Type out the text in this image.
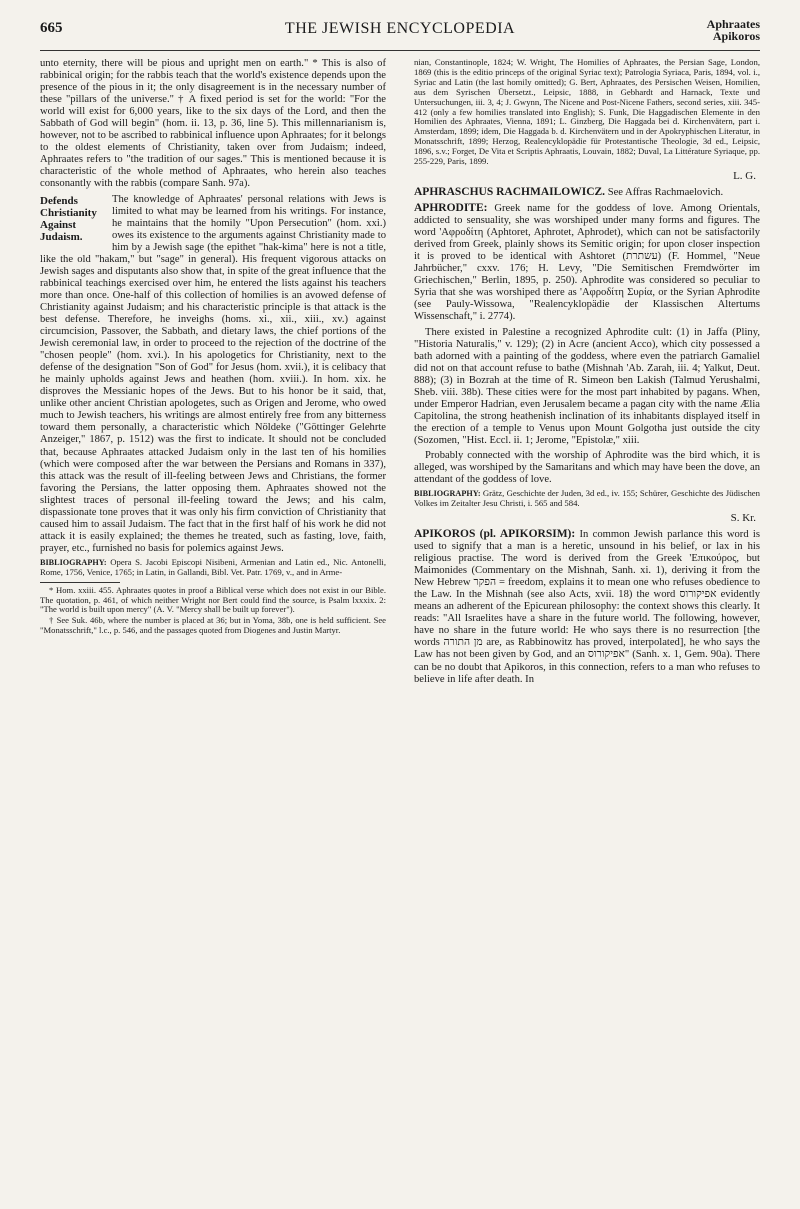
665	THE JEWISH ENCYCLOPEDIA	Aphraates
Apikoros

unto eternity, there will be pious and upright men on earth." * This is also of rabbinical origin; for the rabbis teach that the world's existence depends upon the presence of the pious in it; the only disagreement is in the necessary number of these "pillars of the universe." † A fixed period is set for the world: "For the world will exist for 6,000 years, like to the six days of the Lord, and then the Sabbath of God will begin" (hom. ii. 13, p. 36, line 5). This millennarianism is, however, not to be ascribed to rabbinical influence upon Aphraates; for it belongs to the oldest elements of Christianity, taken over from Judaism; indeed, Aphraates refers to "the tradition of our sages." This is mentioned because it is characteristic of the whole method of Aphraates, who herein also teaches consonantly with the rabbis (compare Sanh. 97a).

Defends Christianity Against Judaism.

The knowledge of Aphraates' personal relations with Jews is limited to what may be learned from his writings. For instance, he maintains that the homily "Upon Persecution" (hom. xxi.) owes its existence to the arguments against Christianity made to him by a Jewish sage (the epithet "hak-kima" here is not a title, like the old "hakam," but "sage" in general). His frequent vigorous attacks on Jewish sages and disputants also show that, in spite of the great influence that the rabbinical teachings exercised over him, he entered the lists against his teachers more than once. One-half of this collection of homilies is an avowed defense of Christianity against Judaism; and his characteristic principle is that attack is the best defense. Therefore, he inveighs (homs. xi., xii., xiii., xv.) against circumcision, Passover, the Sabbath, and dietary laws, the chief portions of the Jewish ceremonial law, in order to proceed to the rejection of the doctrine of the "chosen people" (hom. xvi.). In his apologetics for Christianity, next to the defense of the designation "Son of God" for Jesus (hom. xvii.), it is celibacy that he mainly upholds against Jews and heathen (hom. xviii.). In hom. xix. he disproves the Messianic hopes of the Jews. But to his honor be it said, that, unlike other ancient Christian apologetes, such as Origen and Jerome, who owed much to Jewish teachers, his writings are almost entirely free from any bitterness toward them personally, a characteristic which Nöldeke ("Göttinger Gelehrte Anzeiger," 1867, p. 1512) was the first to indicate. It should not be concluded that, because Aphraates attacked Judaism only in the last ten of his homilies (which were composed after the war between the Persians and Romans in 337), this attack was the result of ill-feeling between Jews and Christians, the former favoring the Persians, the latter opposing them. Aphraates showed not the slightest traces of personal ill-feeling toward the Jews; and his calm, dispassionate tone proves that it was only his firm conviction of Christianity that caused him to assail Judaism. The fact that in the first half of his work he did not attack it is easily explained; the themes he treated, such as fasting, love, faith, prayer, etc., furnished no basis for polemics against Jews.

BIBLIOGRAPHY: Opera S. Jacobi Episcopi Nisibeni, Armenian and Latin ed., Nic. Antonelli, Rome, 1756, Venice, 1765; in Latin, in Gallandi, Bibl. Vet. Patr. 1769, v., and in Arme-

* Hom. xxiii. 455. Aphraates quotes in proof a Biblical verse which does not exist in our Bible. The quotation, p. 461, of which neither Wright nor Bert could find the source, is Psalm lxxxix. 2: "The world is built upon mercy" (A. V. "Mercy shall be built up forever").

† See Suk. 46b, where the number is placed at 36; but in Yoma, 38b, one is held sufficient. See "Monatsschrift," l.c., p. 546, and the passages quoted from Diogenes and Justin Martyr.

nian, Constantinople, 1824; W. Wright, The Homilies of Aphraates, the Persian Sage, London, 1869 (this is the editio princeps of the original Syriac text); Patrologia Syriaca, Paris, 1894, vol. i., Syriac and Latin (the last homily omitted); G. Bert, Aphraates, des Persischen Weisen, Homilien, aus dem Syrischen Übersetzt., Leipsic, 1888, in Gebhardt and Harnack, Texte und Untersuchungen, iii. 3, 4; J. Gwynn, The Nicene and Post-Nicene Fathers, second series, xiii. 345-412 (only a few homilies translated into English); S. Funk, Die Haggadischen Elemente in den Homilien des Aphraates, Vienna, 1891; L. Ginzberg, Die Haggada bei d. Kirchenvätern, part i. Amsterdam, 1899; idem, Die Haggada b. d. Kirchenvätern und in der Apokryphischen Literatur, in Monatsschrift, 1899; Herzog, Realencyklopädie für Protestantische Theologie, 3d ed., Leipsic, 1896, s.v.; Forget, De Vita et Scriptis Aphraatis, Louvain, 1882; Duval, La Littérature Syriaque, pp. 255-229, Paris, 1899.

L. G.

APHRASCHUS RACHMAILOWICZ. See Affras Rachmaelovich.

APHRODITE: Greek name for the goddess of love. Among Orientals, addicted to sensuality, she was worshiped under many forms and figures. The word 'Αφροδίτη (Aphtoret, Aphrotet, Aphrodet), which can not be satisfactorily derived from Greek, plainly shows its Semitic origin; for upon closer inspection it is proved to be identical with Ashtoret (עשתרת) (F. Hommel, "Neue Jahrbücher," cxxv. 176; H. Levy, "Die Semitischen Fremdwörter im Griechischen," Berlin, 1895, p. 250). Aphrodite was considered so peculiar to Syria that she was worshiped there as 'Αφροδίτη Συρία, or the Syrian Aphrodite (see Pauly-Wissowa, "Realencyklopädie der Klassischen Altertums Wissenschaft," i. 2774).

There existed in Palestine a recognized Aphrodite cult: (1) in Jaffa (Pliny, "Historia Naturalis," v. 129); (2) in Acre (ancient Acco), which city possessed a bath adorned with a painting of the goddess, where even the patriarch Gamaliel did not on that account refuse to bathe (Mishnah 'Ab. Zarah, iii. 4; Yalkut, Deut. 888); (3) in Bozrah at the time of R. Simeon ben Lakish (Talmud Yerushalmi, Sheb. viii. 38b). These cities were for the most part inhabited by pagans. When, under Emperor Hadrian, even Jerusalem became a pagan city with the name Ælia Capitolina, the strong heathenish inclination of its inhabitants displayed itself in the erection of a temple to Venus upon Mount Golgotha just outside the city (Sozomen, "Hist. Eccl. ii. 1; Jerome, "Epistolæ," xiii.

Probably connected with the worship of Aphrodite was the bird which, it is alleged, was worshiped by the Samaritans and which may have been the dove, an attendant of the goddess of love.

BIBLIOGRAPHY: Grätz, Geschichte der Juden, 3d ed., iv. 155; Schürer, Geschichte des Jüdischen Volkes im Zeitalter Jesu Christi, i. 565 and 584.

S. Kr.

APIKOROS (pl. APIKORSIM): In common Jewish parlance this word is used to signify that a man is a heretic, unsound in his belief, or lax in his religious practise. The word is derived from the Greek 'Επικούρος, but Maimonides (Commentary on the Mishnah, Sanh. xi. 1), deriving it from the New Hebrew הפקר = freedom, explains it to mean one who refuses obedience to the Law. In the Mishnah (see also Acts, xvii. 18) the word אפיקורוס evidently means an adherent of the Epicurean philosophy: the context shows this clearly. It reads: "All Israelites have a share in the future world. The following, however, have no share in the future world: He who says there is no resurrection [the words מן התורה are, as Rabbinowitz has proved, interpolated], he who says the Law has not been given by God, and an אפיקורוס" (Sanh. x. 1, Gem. 90a). There can be no doubt that Apikoros, in this connection, refers to a man who refuses to believe in life after death. In
